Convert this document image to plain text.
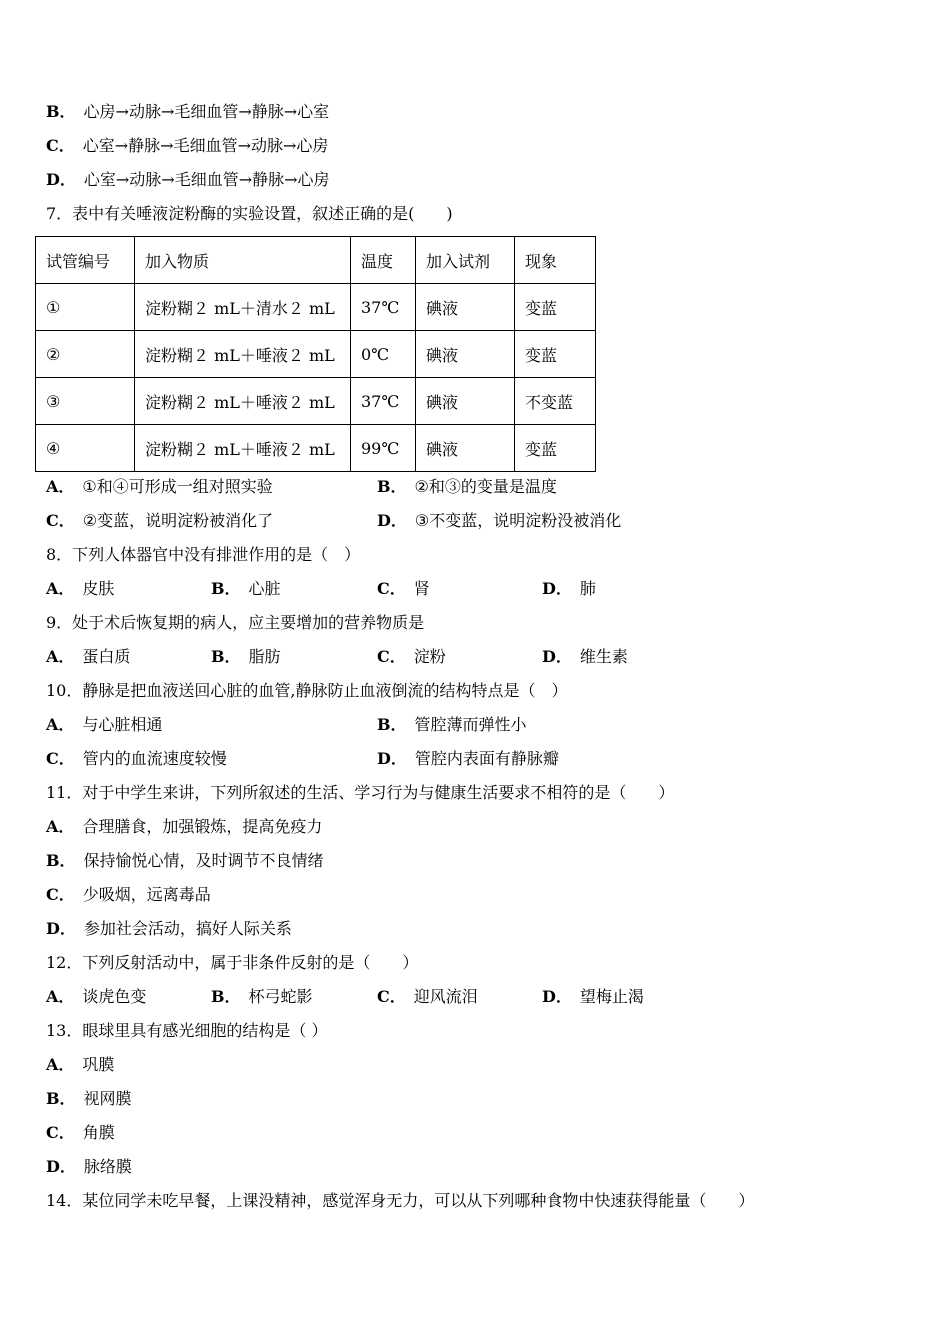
B． 心房→动脉→毛细血管→静脉→心室
C． 心室→静脉→毛细血管→动脉→心房
D． 心室→动脉→毛细血管→静脉→心房
7．表中有关唾液淀粉酶的实验设置，叙述正确的是(　　)
试管编号	加入物质	温度	加入试剂	现象
①	淀粉糊２ mL＋清水２ mL	37℃	碘液	变蓝
②	淀粉糊２ mL＋唾液２ mL	0℃	碘液	变蓝
③	淀粉糊２ mL＋唾液２ mL	37℃	碘液	不变蓝
④	淀粉糊２ mL＋唾液２ mL	99℃	碘液	变蓝
A． ①和④可形成一组对照实验	B． ②和③的变量是温度
C． ②变蓝，说明淀粉被消化了	D． ③不变蓝，说明淀粉没被消化
8．下列人体器官中没有排泄作用的是（　）
A． 皮肤	B． 心脏	C． 肾	D． 肺
9．处于术后恢复期的病人，应主要增加的营养物质是
A． 蛋白质	B． 脂肪	C． 淀粉	D． 维生素
10．静脉是把血液送回心脏的血管,静脉防止血液倒流的结构特点是（　）
A． 与心脏相通	B． 管腔薄而弹性小
C． 管内的血流速度较慢	D． 管腔内表面有静脉瓣
11．对于中学生来讲，下列所叙述的生活、学习行为与健康生活要求不相符的是（　　）
A． 合理膳食，加强锻炼，提高免疫力
B． 保持愉悦心情，及时调节不良情绪
C． 少吸烟，远离毒品
D． 参加社会活动，搞好人际关系
12．下列反射活动中，属于非条件反射的是（　　）
A． 谈虎色变	B． 杯弓蛇影	C． 迎风流泪	D． 望梅止渴
13．眼球里具有感光细胞的结构是（ ）
A． 巩膜
B． 视网膜
C． 角膜
D． 脉络膜
14．某位同学未吃早餐，上课没精神，感觉浑身无力，可以从下列哪种食物中快速获得能量（　　）
